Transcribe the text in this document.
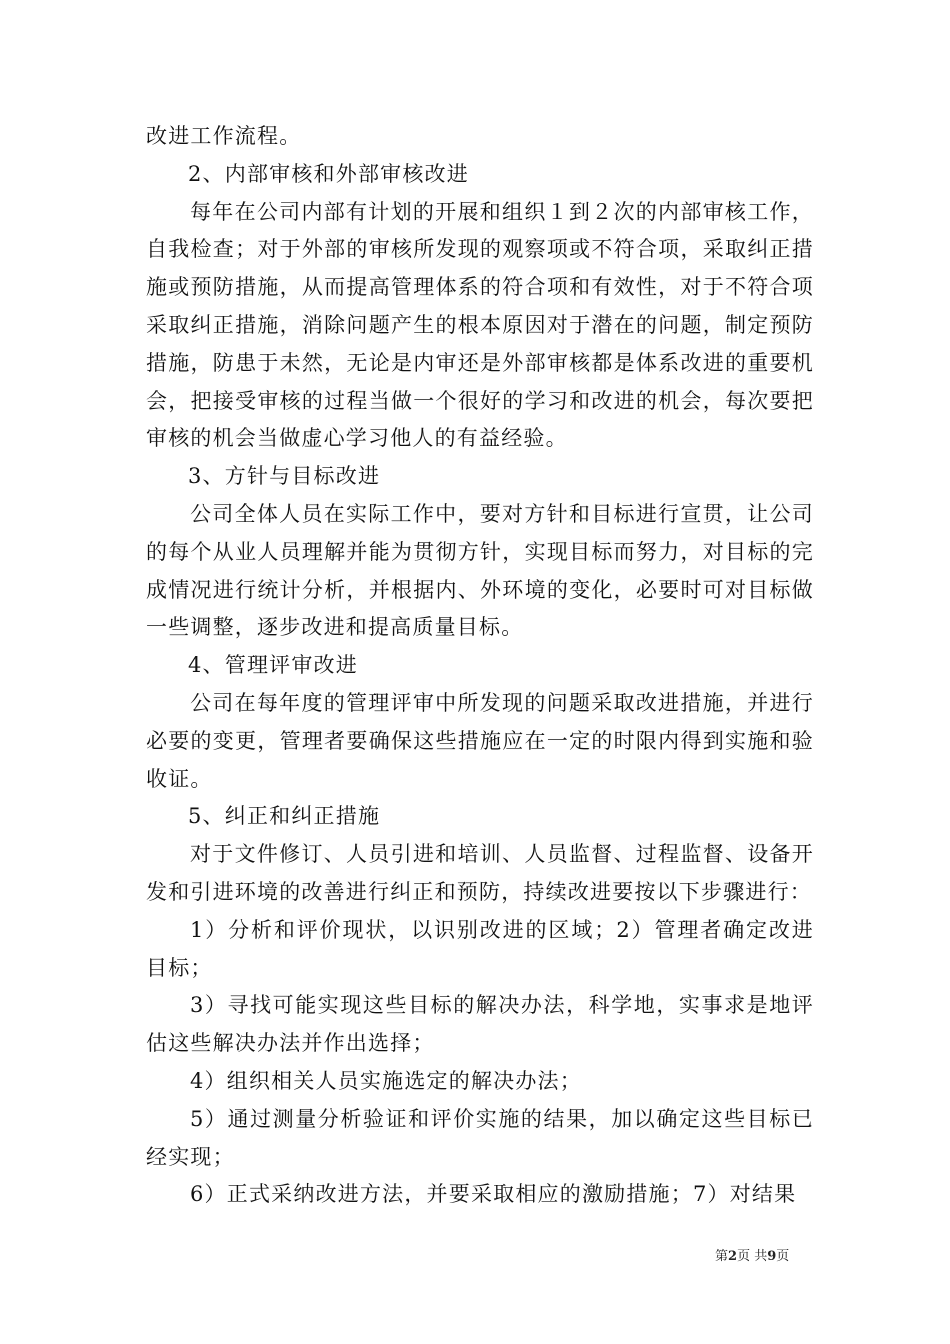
改进工作流程。

2、内部审核和外部审核改进

每年在公司内部有计划的开展和组织１到２次的内部审核工作，自我检查；对于外部的审核所发现的观察项或不符合项，采取纠正措施或预防措施，从而提高管理体系的符合项和有效性，对于不符合项采取纠正措施，消除问题产生的根本原因对于潜在的问题，制定预防措施，防患于未然，无论是内审还是外部审核都是体系改进的重要机会，把接受审核的过程当做一个很好的学习和改进的机会，每次要把审核的机会当做虚心学习他人的有益经验。

3、方针与目标改进

公司全体人员在实际工作中，要对方针和目标进行宣贯，让公司的每个从业人员理解并能为贯彻方针，实现目标而努力，对目标的完成情况进行统计分析，并根据内、外环境的变化，必要时可对目标做一些调整，逐步改进和提高质量目标。

4、管理评审改进

公司在每年度的管理评审中所发现的问题采取改进措施，并进行必要的变更，管理者要确保这些措施应在一定的时限内得到实施和验收证。

5、纠正和纠正措施

对于文件修订、人员引进和培训、人员监督、过程监督、设备开发和引进环境的改善进行纠正和预防，持续改进要按以下步骤进行：

1）分析和评价现状，以识别改进的区域；2）管理者确定改进目标；

3）寻找可能实现这些目标的解决办法，科学地，实事求是地评估这些解决办法并作出选择；

4）组织相关人员实施选定的解决办法；

5）通过测量分析验证和评价实施的结果，加以确定这些目标已经实现；

6）正式采纳改进方法，并要采取相应的激励措施；7）对结果

第2页 共9页
